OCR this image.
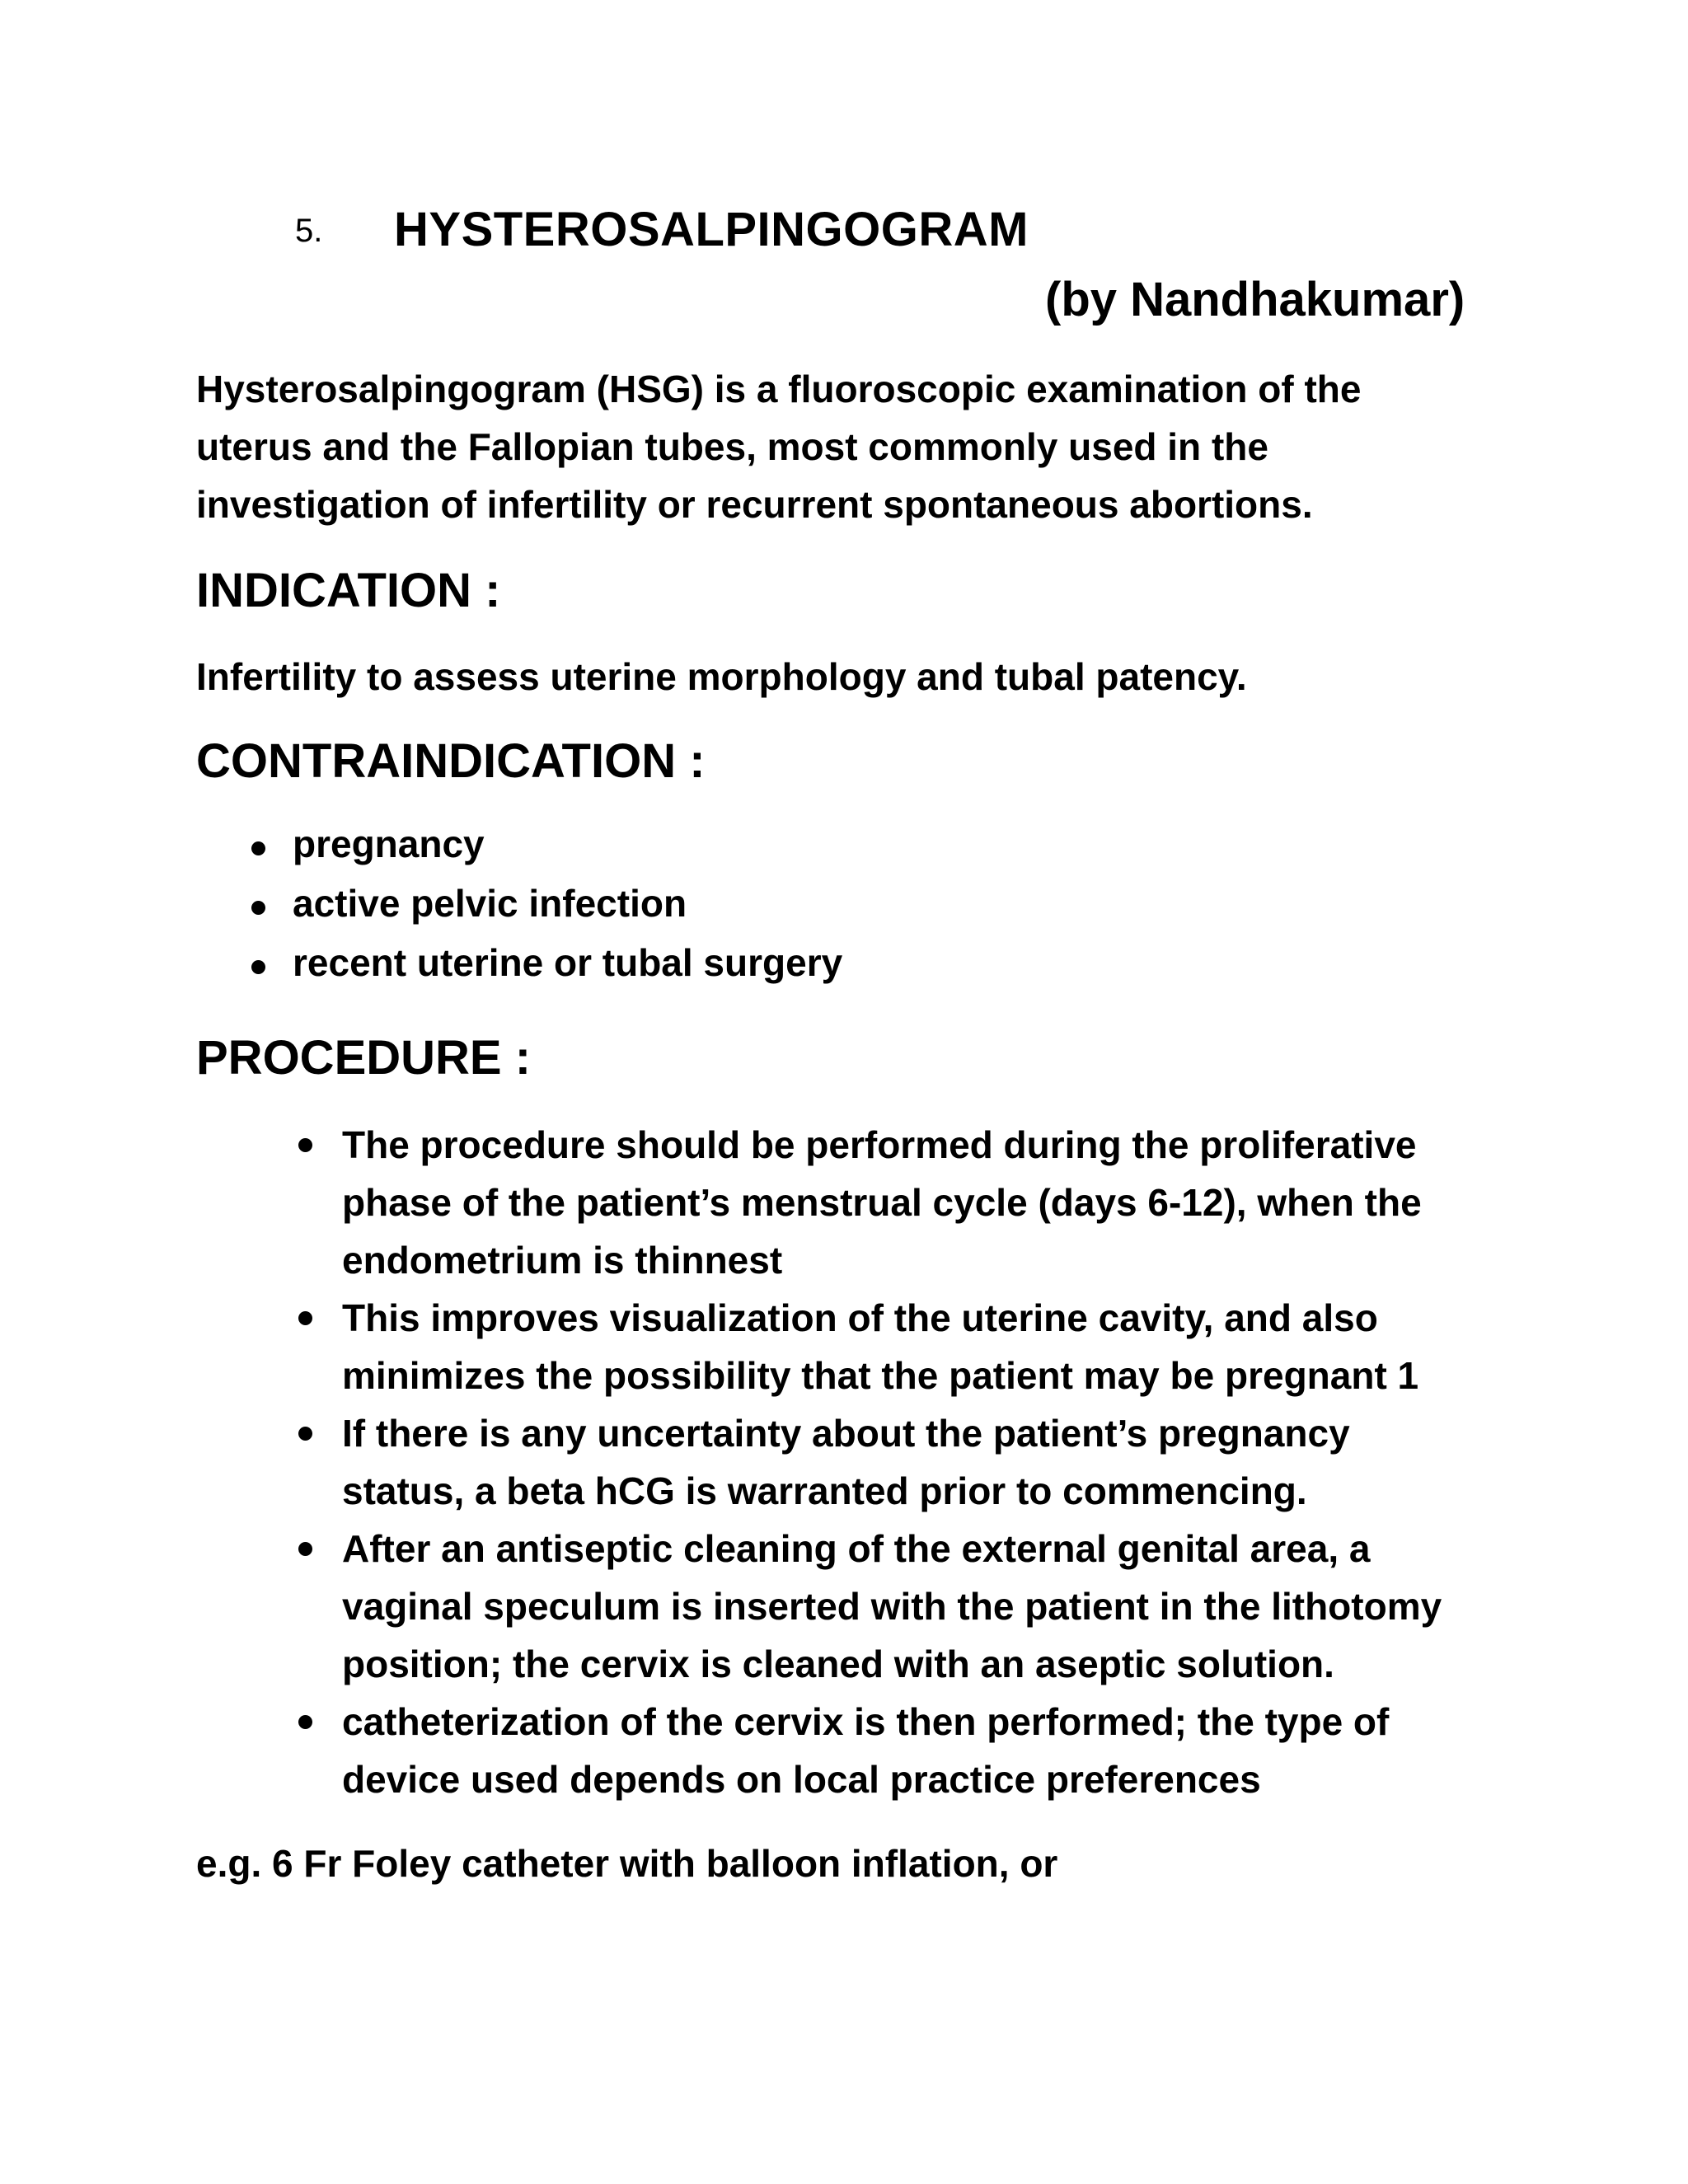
5. HYSTEROSALPINGOGRAM
(by Nandhakumar)
Hysterosalpingogram (HSG) is a fluoroscopic examination of the
uterus and the Fallopian tubes, most commonly used in the
investigation of infertility or recurrent spontaneous abortions.
INDICATION :
Infertility to assess uterine morphology and tubal patency.
CONTRAINDICATION :
pregnancy
active pelvic infection
recent uterine or tubal surgery
PROCEDURE :
The procedure should be performed during the proliferative
phase of the patient’s menstrual cycle (days 6-12), when the
endometrium is thinnest
This improves visualization of the uterine cavity, and also
minimizes the possibility that the patient may be pregnant 1
If there is any uncertainty about the patient’s pregnancy
status, a beta hCG is warranted prior to commencing.
After an antiseptic cleaning of the external genital area, a
vaginal speculum is inserted with the patient in the lithotomy
position; the cervix is cleaned with an aseptic solution.
catheterization of the cervix is then performed; the type of
device used depends on local practice preferences
e.g. 6 Fr Foley catheter with balloon inflation, or
